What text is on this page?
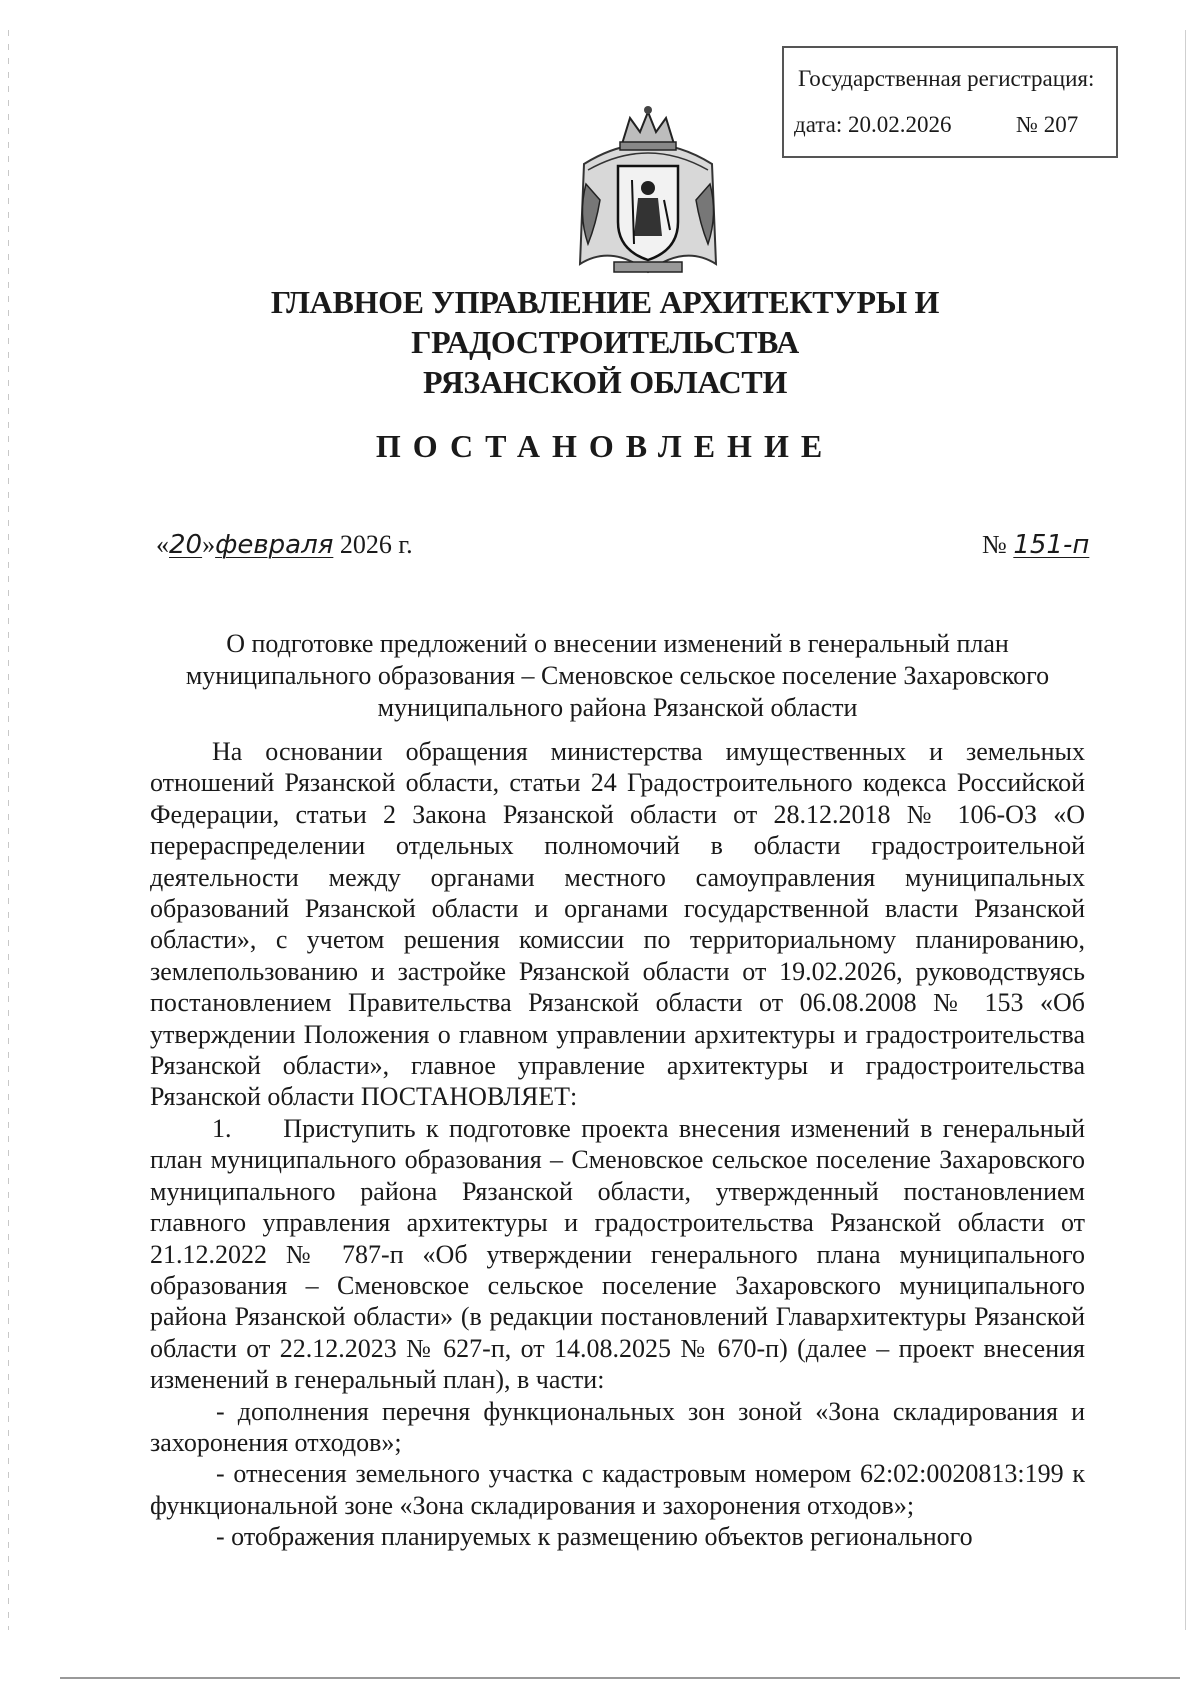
Государственная регистрация:
дата: 20.02.2026	№ 207
ГЛАВНОЕ УПРАВЛЕНИЕ АРХИТЕКТУРЫ И ГРАДОСТРОИТЕЛЬСТВА
РЯЗАНСКОЙ ОБЛАСТИ
ПОСТАНОВЛЕНИЕ
«20»февраля 2026 г.	№ 151-п
О подготовке предложений о внесении изменений в генеральный план муниципального образования – Сменовское сельское поселение Захаровского муниципального района Рязанской области

На основании обращения министерства имущественных и земельных отношений Рязанской области, статьи 24 Градостроительного кодекса Российской Федерации, статьи 2 Закона Рязанской области от 28.12.2018 № 106-ОЗ «О перераспределении отдельных полномочий в области градостроительной деятельности между органами местного самоуправления муниципальных образований Рязанской области и органами государственной власти Рязанской области», с учетом решения комиссии по территориальному планированию, землепользованию и застройке Рязанской области от 19.02.2026, руководствуясь постановлением Правительства Рязанской области от 06.08.2008 № 153 «Об утверждении Положения о главном управлении архитектуры и градостроительства Рязанской области», главное управление архитектуры и градостроительства Рязанской области ПОСТАНОВЛЯЕТ:

1.     Приступить к подготовке проекта внесения изменений в генеральный план муниципального образования – Сменовское сельское поселение Захаровского муниципального района Рязанской области, утвержденный постановлением главного управления архитектуры и градостроительства Рязанской области от 21.12.2022 № 787-п «Об утверждении генерального плана муниципального образования – Сменовское сельское поселение Захаровского муниципального района Рязанской области» (в редакции постановлений Главархитектуры Рязанской области от 22.12.2023 № 627-п, от 14.08.2025 № 670-п) (далее – проект внесения изменений в генеральный план), в части:

- дополнения перечня функциональных зон зоной «Зона складирования и захоронения отходов»;

- отнесения земельного участка с кадастровым номером 62:02:0020813:199 к функциональной зоне «Зона складирования и захоронения отходов»;

- отображения планируемых к размещению объектов регионального
